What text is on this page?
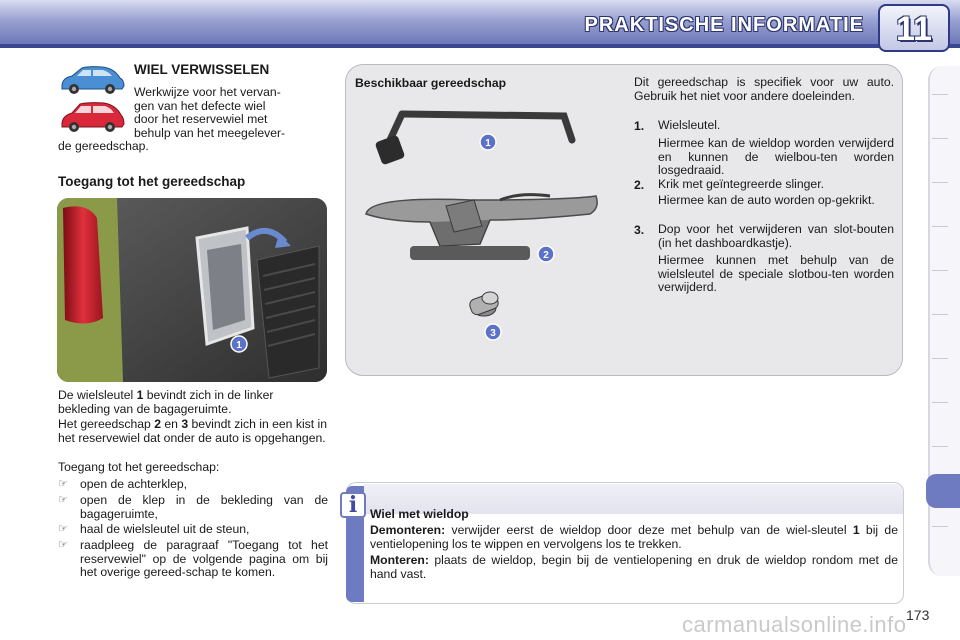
PRAKTISCHE INFORMATIE 11
WIEL VERWISSELEN
Werkwijze voor het vervan-
gen van het defecte wiel
door het reservewiel met
behulp van het meegelever-
de gereedschap.
Toegang tot het gereedschap
1
De wielsleutel 1 bevindt zich in de linker bekleding van de bagageruimte.
Het gereedschap 2 en 3 bevindt zich in een kist in het reservewiel dat onder de auto is opgehangen.
Toegang tot het gereedschap:
☞ open de achterklep,
☞ open de klep in de bekleding van de bagageruimte,
☞ haal de wielsleutel uit de steun,
☞ raadpleeg de paragraaf "Toegang tot het reservewiel" op de volgende pagina om bij het overige gereed-schap te komen.
Beschikbaar gereedschap
1
2
3
Dit gereedschap is specifiek voor uw auto. Gebruik het niet voor andere doeleinden.
1. Wielsleutel.
Hiermee kan de wieldop worden verwijderd en kunnen de wielbou-ten worden losgedraaid.
2. Krik met geïntegreerde slinger.
Hiermee kan de auto worden op-gekrikt.
3. Dop voor het verwijderen van slot-bouten (in het dashboardkastje).
Hiermee kunnen met behulp van de wielsleutel de speciale slotbou-ten worden verwijderd.
i	Wiel met wieldop
Demonteren: verwijder eerst de wieldop door deze met behulp van de wiel-sleutel 1 bij de ventielopening los te wippen en vervolgens los te trekken.
Monteren: plaats de wieldop, begin bij de ventielopening en druk de wieldop rondom met de hand vast.
carmanualsonline.info 173
